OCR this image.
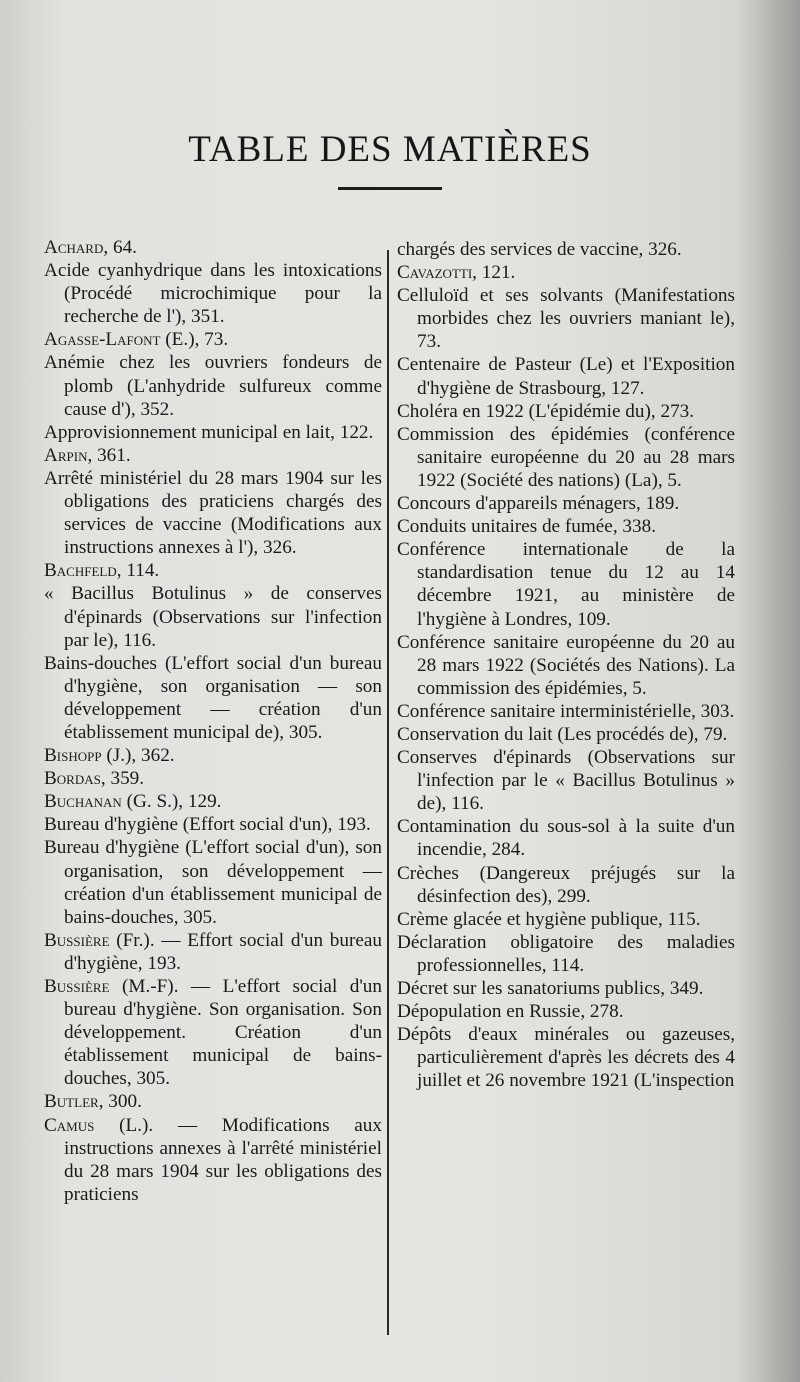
TABLE DES MATIÈRES
Achard, 64.
Acide cyanhydrique dans les intoxications (Procédé microchimique pour la recherche de l'), 351.
Agasse-Lafont (E.), 73.
Anémie chez les ouvriers fondeurs de plomb (L'anhydride sulfureux comme cause d'), 352.
Approvisionnement municipal en lait, 122.
Arpin, 361.
Arrêté ministériel du 28 mars 1904 sur les obligations des praticiens chargés des services de vaccine (Modifications aux instructions annexes à l'), 326.
Bachfeld, 114.
« Bacillus Botulinus » de conserves d'épinards (Observations sur l'infection par le), 116.
Bains-douches (L'effort social d'un bureau d'hygiène, son organisation — son développement — création d'un établissement municipal de), 305.
Bishopp (J.), 362.
Bordas, 359.
Buchanan (G. S.), 129.
Bureau d'hygiène (Effort social d'un), 193.
Bureau d'hygiène (L'effort social d'un), son organisation, son développement — création d'un établissement municipal de bains-douches, 305.
Bussière (Fr.). — Effort social d'un bureau d'hygiène, 193.
Bussière (M.-F). — L'effort social d'un bureau d'hygiène. Son organisation. Son développement. Création d'un établissement municipal de bains-douches, 305.
Butler, 300.
Camus (L.). — Modifications aux instructions annexes à l'arrêté ministériel du 28 mars 1904 sur les obligations des praticiens
chargés des services de vaccine, 326.
Cavazotti, 121.
Celluloïd et ses solvants (Manifestations morbides chez les ouvriers maniant le), 73.
Centenaire de Pasteur (Le) et l'Exposition d'hygiène de Strasbourg, 127.
Choléra en 1922 (L'épidémie du), 273.
Commission des épidémies (conférence sanitaire européenne du 20 au 28 mars 1922 (Société des nations) (La), 5.
Concours d'appareils ménagers, 189.
Conduits unitaires de fumée, 338.
Conférence internationale de la standardisation tenue du 12 au 14 décembre 1921, au ministère de l'hygiène à Londres, 109.
Conférence sanitaire européenne du 20 au 28 mars 1922 (Sociétés des Nations). La commission des épidémies, 5.
Conférence sanitaire interministérielle, 303.
Conservation du lait (Les procédés de), 79.
Conserves d'épinards (Observations sur l'infection par le « Bacillus Botulinus » de), 116.
Contamination du sous-sol à la suite d'un incendie, 284.
Crèches (Dangereux préjugés sur la désinfection des), 299.
Crème glacée et hygiène publique, 115.
Déclaration obligatoire des maladies professionnelles, 114.
Décret sur les sanatoriums publics, 349.
Dépopulation en Russie, 278.
Dépôts d'eaux minérales ou gazeuses, particulièrement d'après les décrets des 4 juillet et 26 novembre 1921 (L'inspection
